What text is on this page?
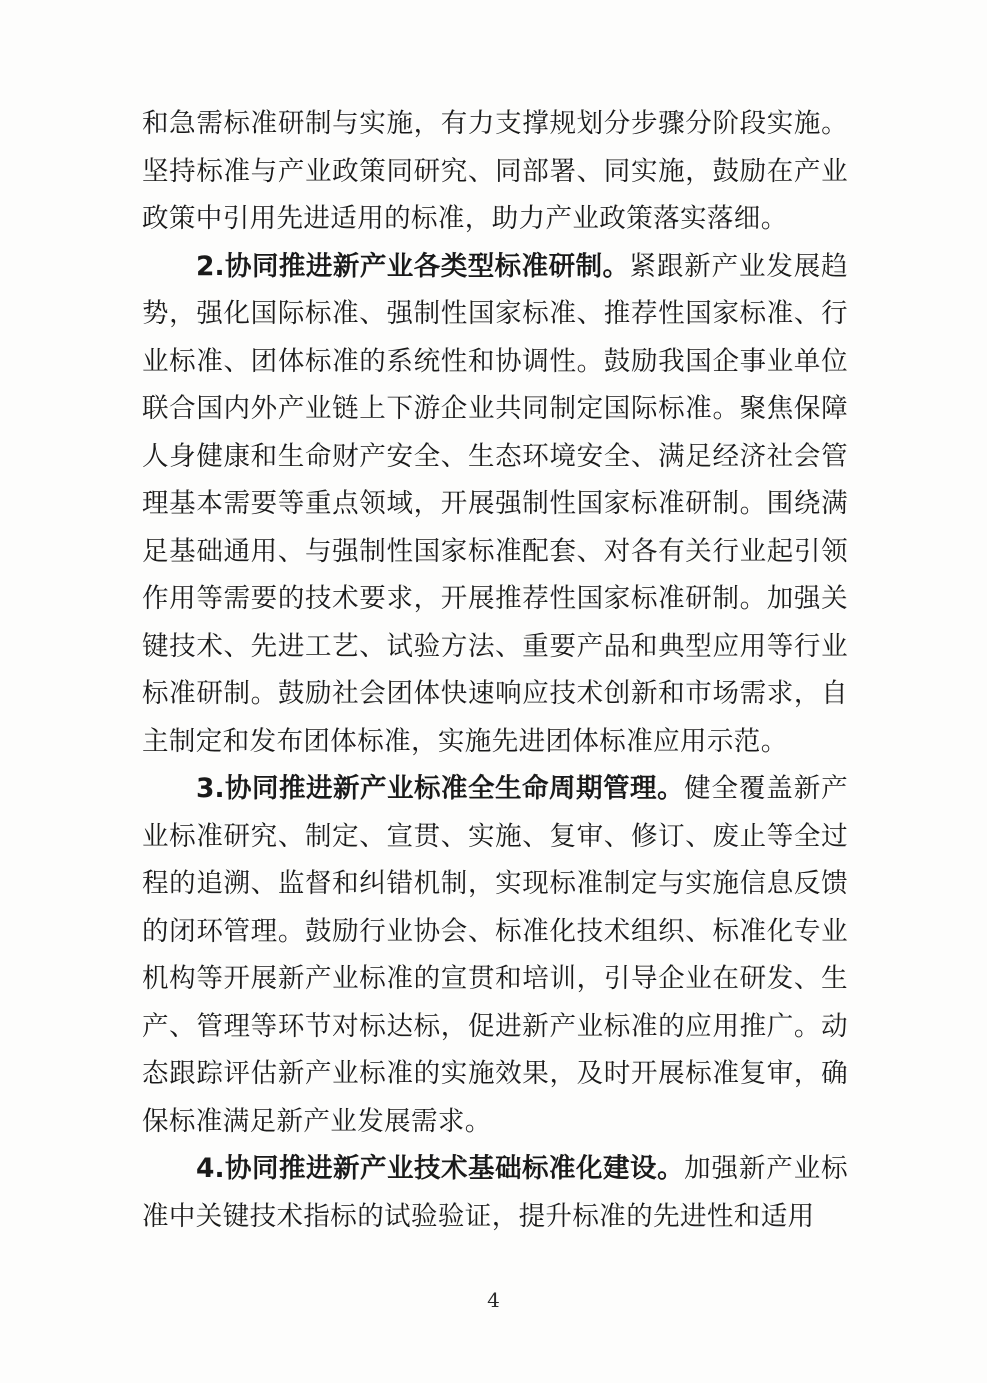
和急需标准研制与实施，有力支撑规划分步骤分阶段实施。坚持标准与产业政策同研究、同部署、同实施，鼓励在产业政策中引用先进适用的标准，助力产业政策落实落细。

2.协同推进新产业各类型标准研制。紧跟新产业发展趋势，强化国际标准、强制性国家标准、推荐性国家标准、行业标准、团体标准的系统性和协调性。鼓励我国企事业单位联合国内外产业链上下游企业共同制定国际标准。聚焦保障人身健康和生命财产安全、生态环境安全、满足经济社会管理基本需要等重点领域，开展强制性国家标准研制。围绕满足基础通用、与强制性国家标准配套、对各有关行业起引领作用等需要的技术要求，开展推荐性国家标准研制。加强关键技术、先进工艺、试验方法、重要产品和典型应用等行业标准研制。鼓励社会团体快速响应技术创新和市场需求，自主制定和发布团体标准，实施先进团体标准应用示范。

3.协同推进新产业标准全生命周期管理。健全覆盖新产业标准研究、制定、宣贯、实施、复审、修订、废止等全过程的追溯、监督和纠错机制，实现标准制定与实施信息反馈的闭环管理。鼓励行业协会、标准化技术组织、标准化专业机构等开展新产业标准的宣贯和培训，引导企业在研发、生产、管理等环节对标达标，促进新产业标准的应用推广。动态跟踪评估新产业标准的实施效果，及时开展标准复审，确保标准满足新产业发展需求。

4.协同推进新产业技术基础标准化建设。加强新产业标准中关键技术指标的试验验证，提升标准的先进性和适用

4
